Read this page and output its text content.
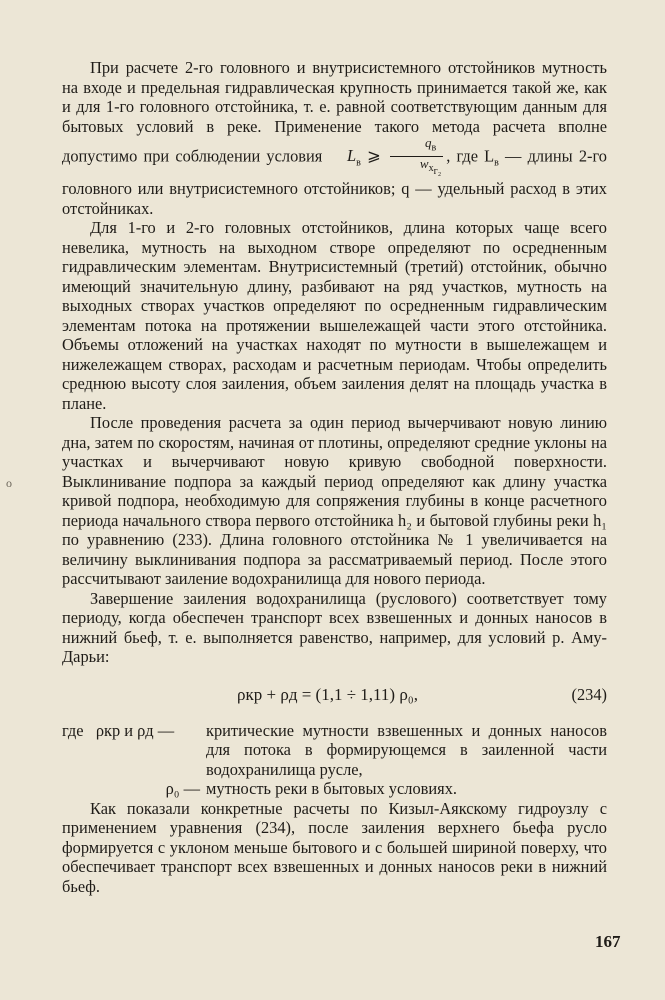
о

При расчете 2-го головного и внутрисистемного отстойников мутность на входе и предельная гидравлическая крупность принимается такой же, как и для 1-го головного отстойника, т. е. равной соответствующим данным для бытовых условий в реке. Применение такого метода расчета вполне допустимо при соблюдении условия $L_в$ ⩾ $\frac{q_в}{w_{x_{г_2}}}$ , где $L_в$ — длины 2-го головного или внутрисистемного отстойников; q — удельный расход в этих отстойниках.

Для 1-го и 2-го головных отстойников, длина которых чаще всего невелика, мутность на выходном створе определяют по осредненным гидравлическим элементам. Внутрисистемный (третий) отстойник, обычно имеющий значительную длину, разбивают на ряд участков, мутность на выходных створах участков определяют по осредненным гидравлическим элементам потока на протяжении вышележащей части этого отстойника. Объемы отложений на участках находят по мутности в вышележащем и нижележащем створах, расходам и расчетным периодам. Чтобы определить среднюю высоту слоя заиления, объем заиления делят на площадь участка в плане.

После проведения расчета за один период вычерчивают новую линию дна, затем по скоростям, начиная от плотины, определяют средние уклоны на участках и вычерчивают новую кривую свободной поверхности. Выклинивание подпора за каждый период определяют как длину участка кривой подпора, необходимую для сопряжения глубины в конце расчетного периода начального створа первого отстойника h₂ и бытовой глубины реки h₁ по уравнению (233). Длина головного отстойника № 1 увеличивается на величину выклинивания подпора за рассматриваемый период. После этого рассчитывают заиление водохранилища для нового периода.

Завершение заиления водохранилища (руслового) соответствует тому периоду, когда обеспечен транспорт всех взвешенных и донных наносов в нижний бьеф, т. е. выполняется равенство, например, для условий р. Аму-Дарьи:

ρкр + ρд = (1,1 ÷ 1,11) ρ₀,	(234)
где ρкр и ρд —	критические мутности взвешенных и донных наносов для потока в формирующемся в заиленной части водохранилища русле,
ρ₀ — мутность реки в бытовых условиях.

Как показали конкретные расчеты по Кизыл-Аякскому гидроузлу с применением уравнения (234), после заиления верхнего бьефа русло формируется с уклоном меньше бытового и с большей шириной поверху, что обеспечивает транспорт всех взвешенных и донных наносов реки в нижний бьеф.

167
